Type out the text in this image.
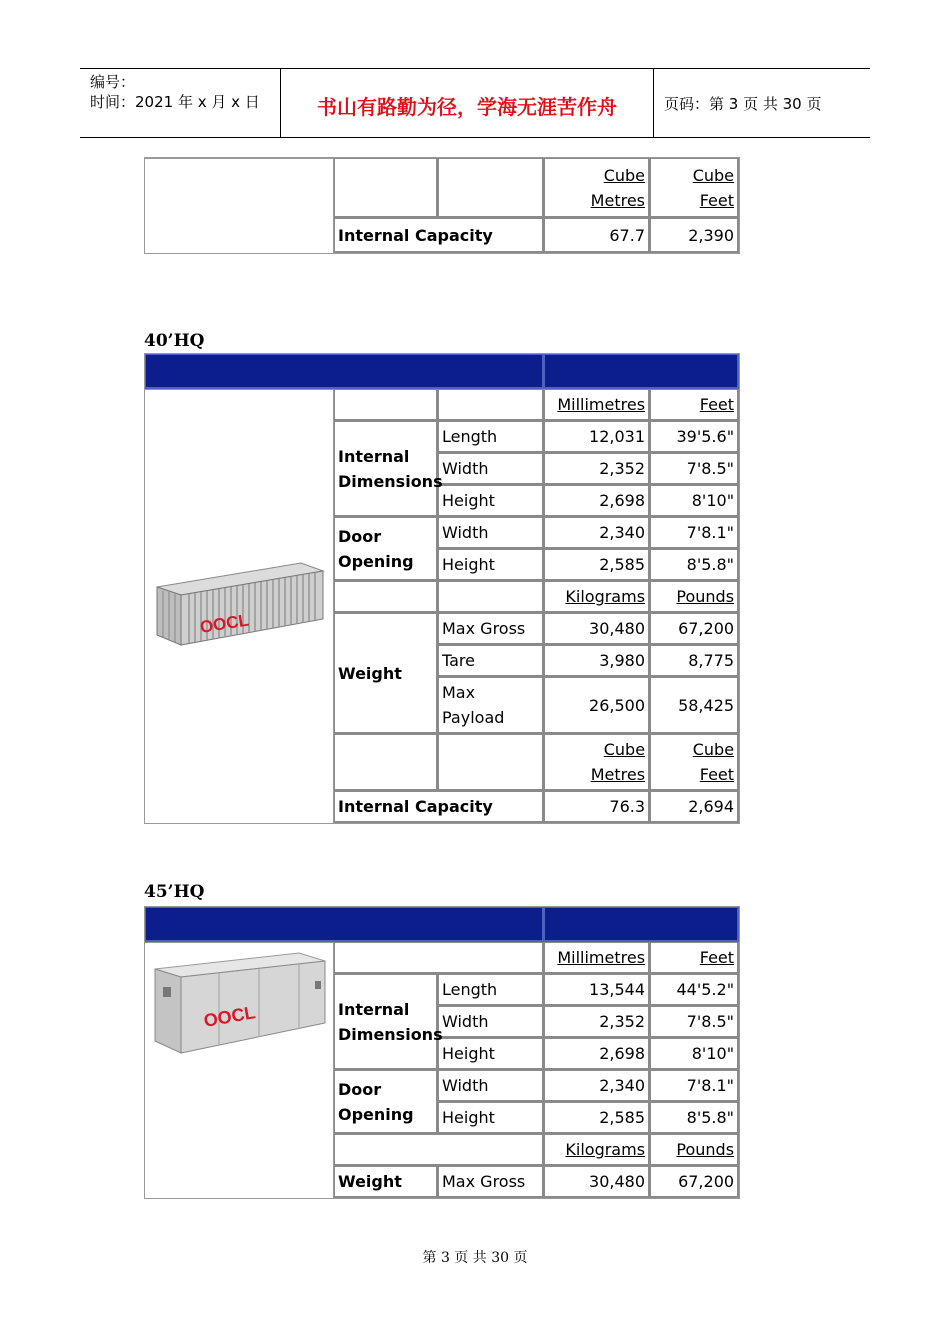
编号：
时间：2021 年 x 月 x 日	书山有路勤为径，学海无涯苦作舟	页码：第 3 页 共 30 页
			Cube Metres	Cube Feet
	Internal Capacity		67.7	2,390
40’HQ
High Cube 40' x 8' x 9'6"			Steel	

OOCL			Millimetres	Feet
	Internal Dimensions	Length	12,031	39'5.6"
		Width	2,352	7'8.5"
		Height	2,698	8'10"
	Door Opening	Width	2,340	7'8.1"
		Height	2,585	8'5.8"
			Kilograms	Pounds
	Weight	Max Gross	30,480	67,200
		Tare	3,980	8,775
		Max Payload	26,500	58,425
			Cube Metres	Cube Feet
	Internal Capacity		76.3	2,694
45’HQ
High Cube 45' x 8' x 9'6"			Steel	

OOCL			Millimetres	Feet
	Internal Dimensions	Length	13,544	44'5.2"
		Width	2,352	7'8.5"
		Height	2,698	8'10"
	Door Opening	Width	2,340	7'8.1"
		Height	2,585	8'5.8"
			Kilograms	Pounds
	Weight	Max Gross	30,480	67,200
第 3 页 共 30 页
